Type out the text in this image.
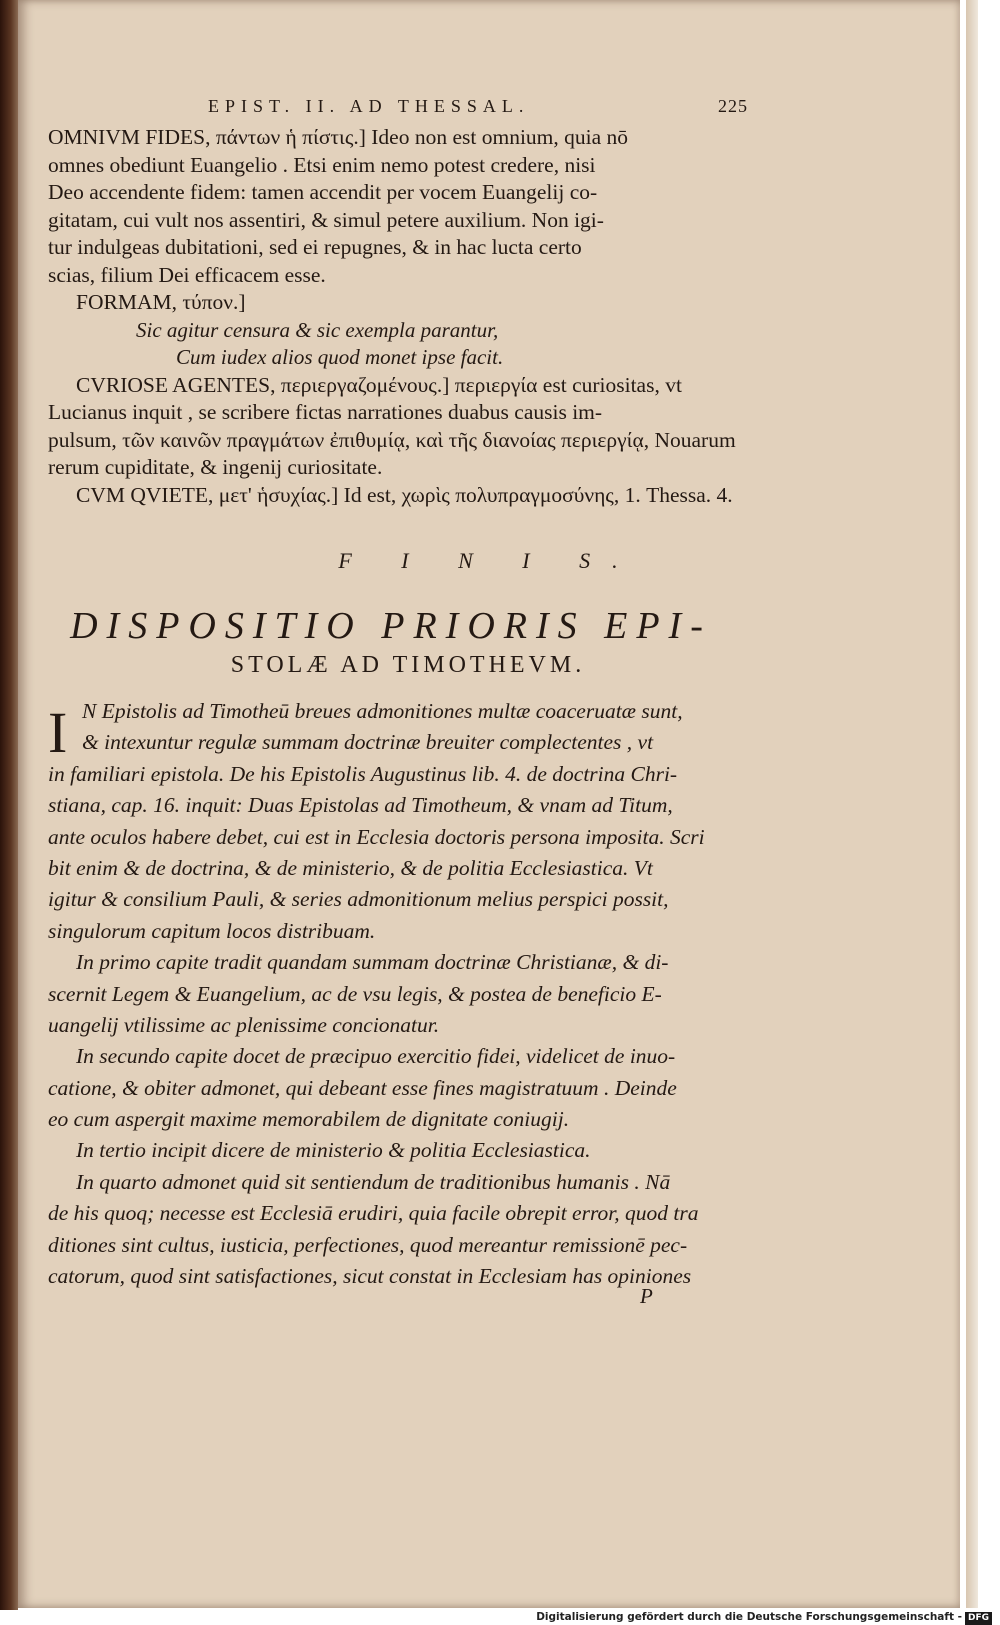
EPIST. II. AD THESSAL.	225
OMNIVM FIDES, πάντων ἡ πίστις.] Ideo non est omnium, quia nō
omnes obediunt Euangelio . Etsi enim nemo potest credere, nisi
Deo accendente fidem: tamen accendit per vocem Euangelij co-
gitatam, cui vult nos assentiri, & simul petere auxilium. Non igi-
tur indulgeas dubitationi, sed ei repugnes, & in hac lucta certo
scias, filium Dei efficacem esse.
FORMAM, τύπον.]
Sic agitur censura & sic exempla parantur,
Cum iudex alios quod monet ipse facit.
CVRIOSE AGENTES, περιεργαζομένους.] περιεργία est curiositas, vt
Lucianus inquit , se scribere fictas narrationes duabus causis im-
pulsum, τῶν καινῶν πραγμάτων ἐπιθυμίᾳ, καὶ τῆς διανοίας περιεργίᾳ, Nouarum
rerum cupiditate, & ingenij curiositate.
CVM QVIETE, μετ' ἡσυχίας.] Id est, χωρὶς πολυπραγμοσύνης, 1. Thessa. 4.
F I N I S.
DISPOSITIO PRIORIS EPI-
STOLÆ AD TIMOTHEVM.
I N Epistolis ad Timotheū breues admonitiones multæ coaceruatæ sunt,
& intexuntur regulæ summam doctrinæ breuiter complectentes , vt
in familiari epistola. De his Epistolis Augustinus lib. 4. de doctrina Chri-
stiana, cap. 16. inquit: Duas Epistolas ad Timotheum, & vnam ad Titum,
ante oculos habere debet, cui est in Ecclesia doctoris persona imposita. Scri
bit enim & de doctrina, & de ministerio, & de politia Ecclesiastica. Vt
igitur & consilium Pauli, & series admonitionum melius perspici possit,
singulorum capitum locos distribuam.
In primo capite tradit quandam summam doctrinæ Christianæ, & di-
scernit Legem & Euangelium, ac de vsu legis, & postea de beneficio E-
uangelij vtilissime ac plenissime concionatur.
In secundo capite docet de præcipuo exercitio fidei, videlicet de inuo-
catione, & obiter admonet, qui debeant esse fines magistratuum . Deinde
eo cum aspergit maxime memorabilem de dignitate coniugij.
In tertio incipit dicere de ministerio & politia Ecclesiastica.
In quarto admonet quid sit sentiendum de traditionibus humanis . Nā
de his quoq; necesse est Ecclesiā erudiri, quia facile obrepit error, quod tra
ditiones sint cultus, iusticia, perfectiones, quod mereantur remissionē pec-
catorum, quod sint satisfactiones, sicut constat in Ecclesiam has opiniones
P
Digitalisierung gefördert durch die Deutsche Forschungsgemeinschaft - DFG
